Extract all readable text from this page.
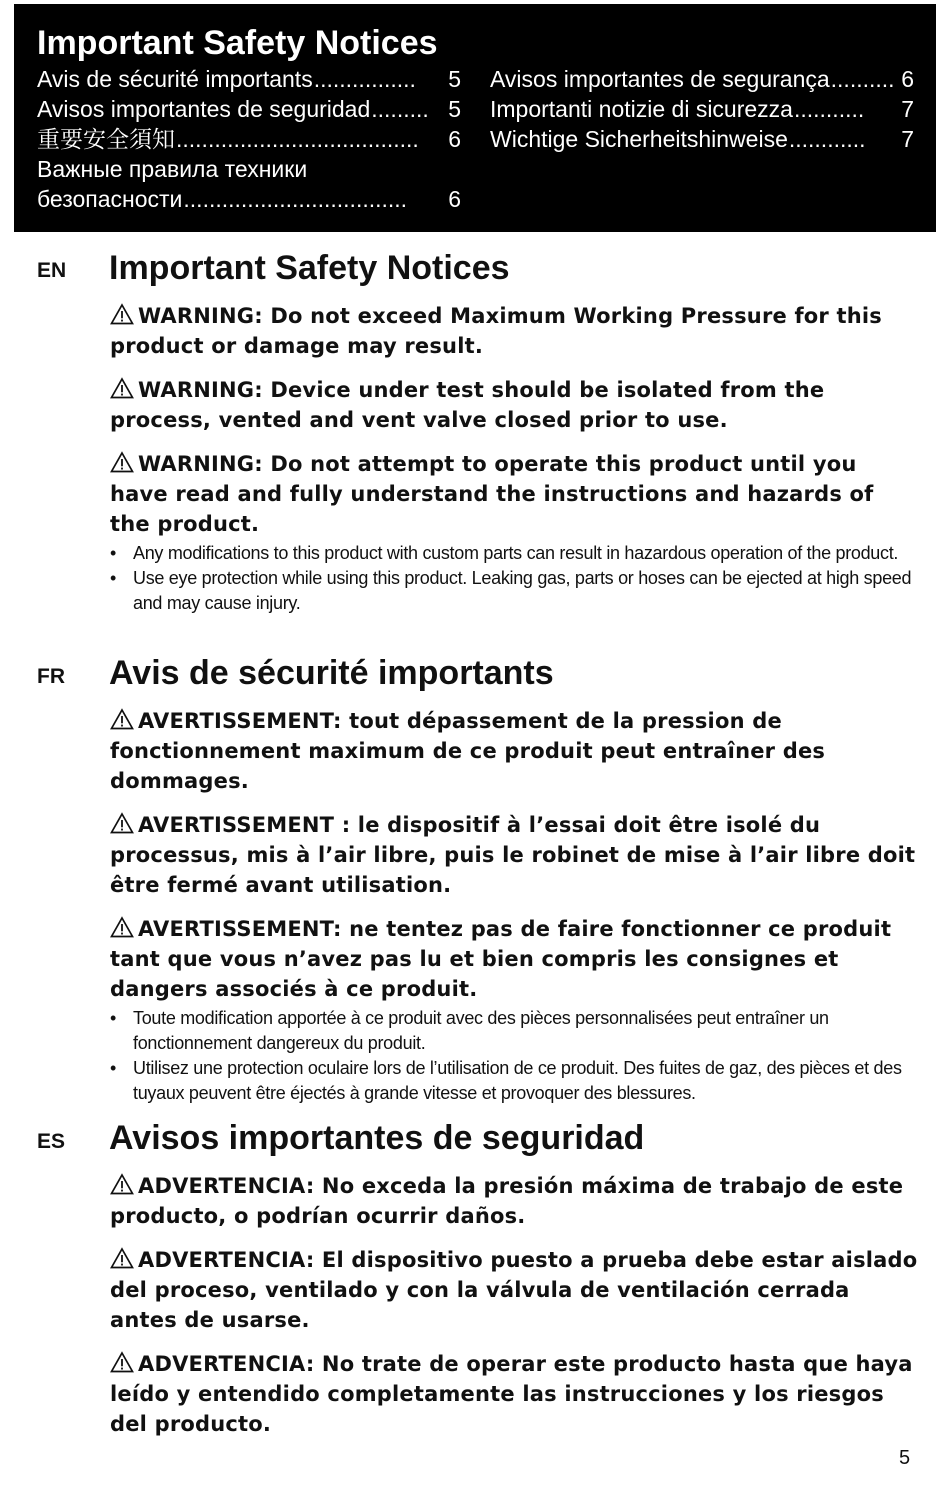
Important Safety Notices
Avis de sécurité importants ................	5
Avisos importantes de seguridad ......... 5
重要安全須知 ......................................	6
Важные правила техники
безопасности ...................................	6
Avisos importantes de segurança .......... 6
Importanti notizie di sicurezza ...........	7
Wichtige Sicherheitshinweise ............	7
EN Important Safety Notices
WARNING: Do not exceed Maximum Working Pressure for this product or damage may result.
WARNING: Device under test should be isolated from the process, vented and vent valve closed prior to use.
WARNING: Do not attempt to operate this product until you have read and fully understand the instructions and hazards of the product.
• Any modifications to this product with custom parts can result in hazardous operation of the product.
• Use eye protection while using this product. Leaking gas, parts or hoses can be ejected at high speed and may cause injury.
FR Avis de sécurité importants
AVERTISSEMENT: tout dépassement de la pression de fonctionnement maximum de ce produit peut entraîner des dommages.
AVERTISSEMENT : le dispositif à l’essai doit être isolé du processus, mis à l’air libre, puis le robinet de mise à l’air libre doit être fermé avant utilisation.
AVERTISSEMENT: ne tentez pas de faire fonctionner ce produit tant que vous n’avez pas lu et bien compris les consignes et dangers associés à ce produit.
• Toute modification apportée à ce produit avec des pièces personnalisées peut entraîner un fonctionnement dangereux du produit.
• Utilisez une protection oculaire lors de l’utilisation de ce produit. Des fuites de gaz, des pièces et des tuyaux peuvent être éjectés à grande vitesse et provoquer des blessures.
ES Avisos importantes de seguridad
ADVERTENCIA: No exceda la presión máxima de trabajo de este producto, o podrían ocurrir daños.
ADVERTENCIA: El dispositivo puesto a prueba debe estar aislado del proceso, ventilado y con la válvula de ventilación cerrada antes de usarse.
ADVERTENCIA: No trate de operar este producto hasta que haya leído y entendido completamente las instrucciones y los riesgos del producto.
5
